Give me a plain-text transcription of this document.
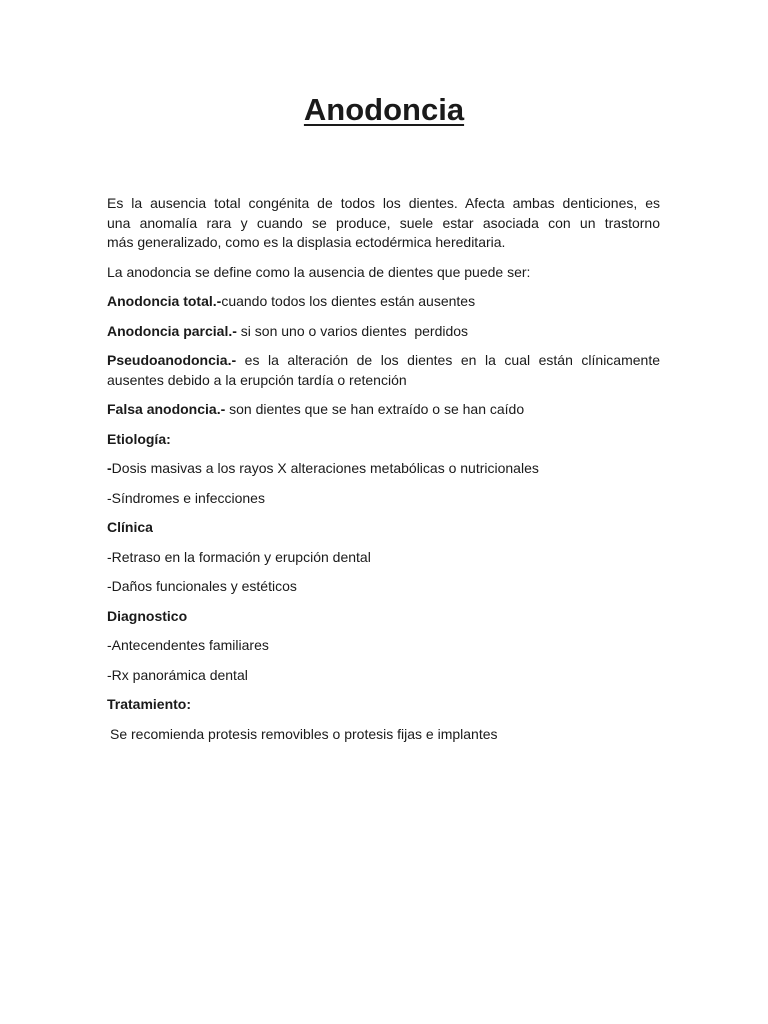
Anodoncia

Es la ausencia total congénita de todos los dientes. Afecta ambas denticiones, es
una anomalía rara y cuando se produce, suele estar asociada con un trastorno
más generalizado, como es la displasia ectodérmica hereditaria.

La anodoncia se define como la ausencia de dientes que puede ser:

Anodoncia total.-cuando todos los dientes están ausentes

Anodoncia parcial.- si son uno o varios dientes  perdidos

Pseudoanodoncia.- es la alteración de los dientes en la cual están clínicamente
ausentes debido a la erupción tardía o retención

Falsa anodoncia.- son dientes que se han extraído o se han caído

Etiología:

-Dosis masivas a los rayos X alteraciones metabólicas o nutricionales

-Síndromes e infecciones

Clínica

-Retraso en la formación y erupción dental

-Daños funcionales y estéticos

Diagnostico

-Antecendentes familiares

-Rx panorámica dental

Tratamiento:

Se recomienda protesis removibles o protesis fijas e implantes
